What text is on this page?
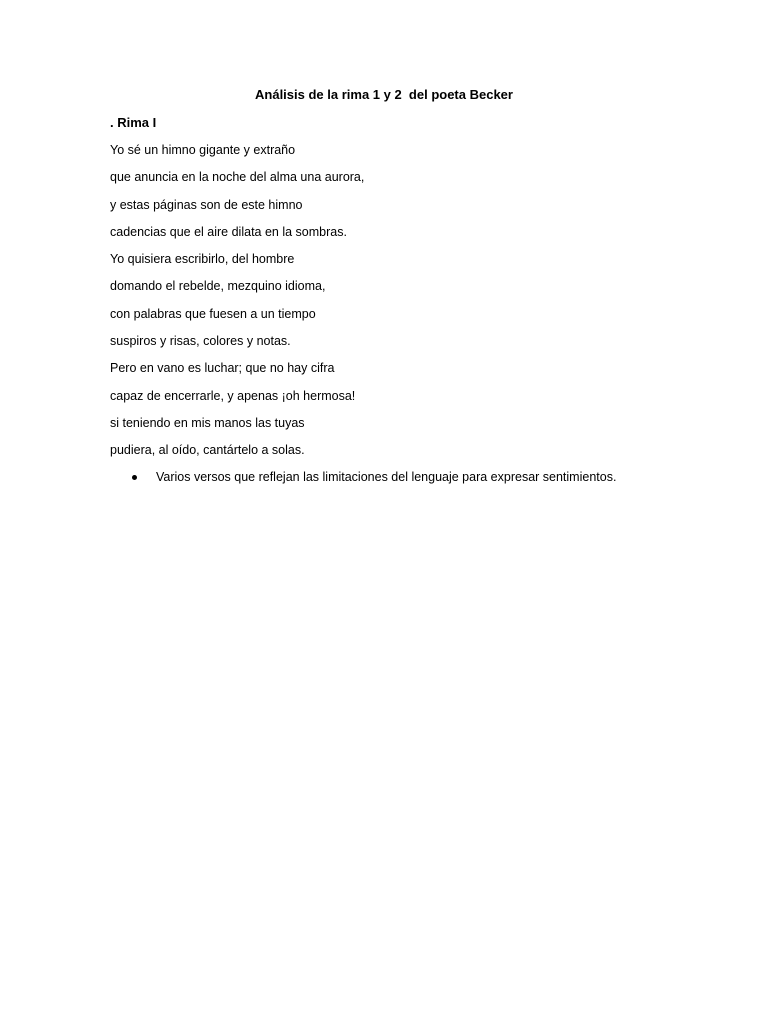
Análisis de la rima 1 y 2  del poeta Becker
. Rima I
Yo sé un himno gigante y extraño
que anuncia en la noche del alma una aurora,
y estas páginas son de este himno
cadencias que el aire dilata en la sombras.
Yo quisiera escribirlo, del hombre
domando el rebelde, mezquino idioma,
con palabras que fuesen a un tiempo
suspiros y risas, colores y notas.
Pero en vano es luchar; que no hay cifra
capaz de encerrarle, y apenas ¡oh hermosa!
si teniendo en mis manos las tuyas
pudiera, al oído, cantártelo a solas.
Varios versos que reflejan las limitaciones del lenguaje para expresar sentimientos.
